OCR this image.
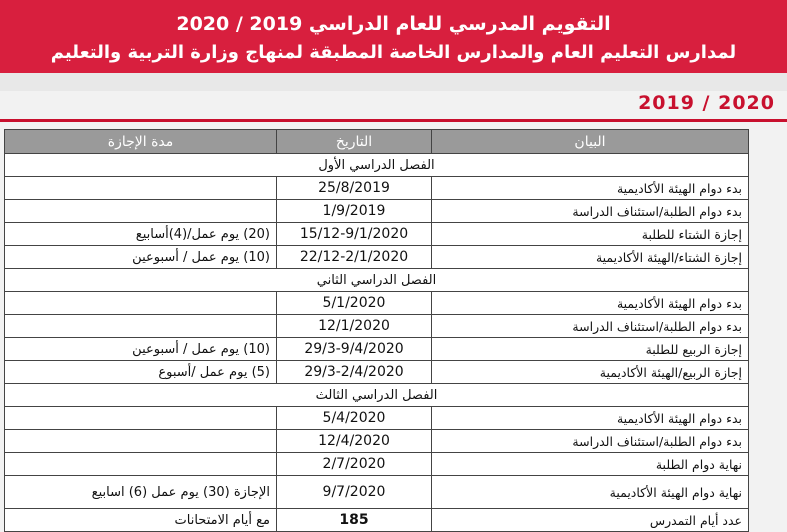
التقويم المدرسي للعام الدراسي 2019 / 2020
لمدارس التعليم العام والمدارس الخاصة المطبقة لمنهاج وزارة التربية والتعليم
2019 / 2020
البيان	التاريخ	مدة الإجازة
الفصل الدراسي الأول		
بدء دوام الهيئة الأكاديمية	25/8/2019	
بدء دوام الطلبة/استئناف الدراسة	1/9/2019	
إجازة الشتاء للطلبة	15/12-9/1/2020	(20) يوم عمل/(4)أسابيع
إجازة الشتاء/الهيئة الأكاديمية	22/12-2/1/2020	(10) يوم عمل / أسبوعين
الفصل الدراسي الثاني		
بدء دوام الهيئة الأكاديمية	5/1/2020	
بدء دوام الطلبة/استئناف الدراسة	12/1/2020	
إجازة الربيع للطلبة	29/3-9/4/2020	(10) يوم عمل / أسبوعين
إجازة الربيع/الهيئة الأكاديمية	29/3-2/4/2020	(5) يوم عمل /أسبوع
الفصل الدراسي الثالث		
بدء دوام الهيئة الأكاديمية	5/4/2020	
بدء دوام الطلبة/استئناف الدراسة	12/4/2020	
نهاية دوام الطلبة	2/7/2020	
نهاية دوام الهيئة الأكاديمية	9/7/2020	الإجازة (30) يوم عمل (6) اسابيع
عدد أيام التمدرس	185	مع أيام الامتحانات
